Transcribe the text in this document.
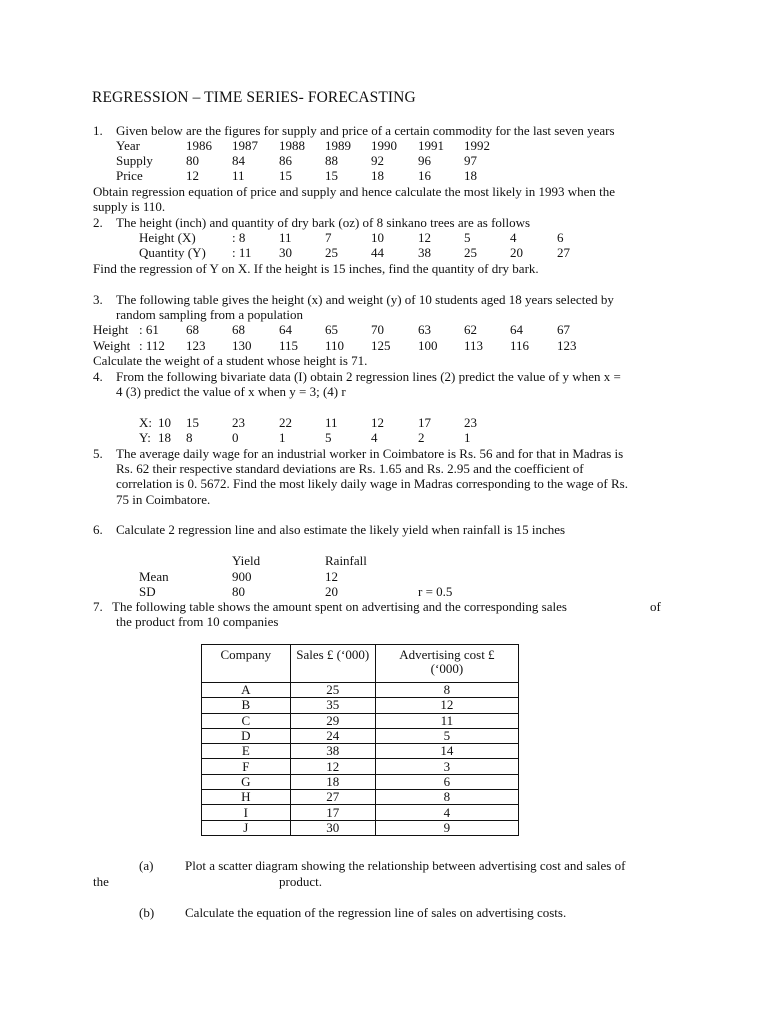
REGRESSION – TIME SERIES- FORECASTING
1. Given below are the figures for supply and price of a certain commodity for the last seven years
Year	1986 1987 1988 1989 1990 1991 1992
Supply	80	84	86	88	92	96	97
Price	12	11	15	15	18	16	18
Obtain regression equation of price and supply and hence calculate the most likely in 1993 when the
supply is 110.
2. The height (inch) and quantity of dry bark (oz) of 8 sinkano trees are as follows
Height (X)	: 8	11	7	10	12	5	4	6
Quantity (Y) : 11 30	25	44	38	25	20	27
Find the regression of Y on X. If the height is 15 inches, find the quantity of dry bark.
3. The following table gives the height (x) and weight (y) of 10 students aged 18 years selected by
random sampling from a population
Height : 61 68	68	64	65	70	63	62	64	67
Weight : 112 123 130 115 110 125 100 113 116 123
Calculate the weight of a student whose height is 71.
4. From the following bivariate data (I) obtain 2 regression lines (2) predict the value of y when x =
4 (3) predict the value of x when y = 3; (4) r
X: 10 15	23	22	11	12	17	23
Y: 18 8	0	1	5	4	2	1
5. The average daily wage for an industrial worker in Coimbatore is Rs. 56 and for that in Madras is
Rs. 62 their respective standard deviations are Rs. 1.65 and Rs. 2.95 and the coefficient of
correlation is 0. 5672. Find the most likely daily wage in Madras corresponding to the wage of Rs.
75 in Coimbatore.
6. Calculate 2 regression line and also estimate the likely yield when rainfall is 15 inches
Yield	Rainfall
Mean	900	12
SD	80	20	r = 0.5
7. The following table shows the amount spent on advertising and the corresponding sales	of
the product from 10 companies
Company	Sales £ (‘000)	Advertising cost £
(‘000)
A	25	8
B	35	12
C	29	11
D	24	5
E	38	14
F	12	3
G	18	6
H	27	8
I	17	4
J	30	9
(a) Plot a scatter diagram showing the relationship between advertising cost and sales of
the	product.
(b) Calculate the equation of the regression line of sales on advertising costs.
